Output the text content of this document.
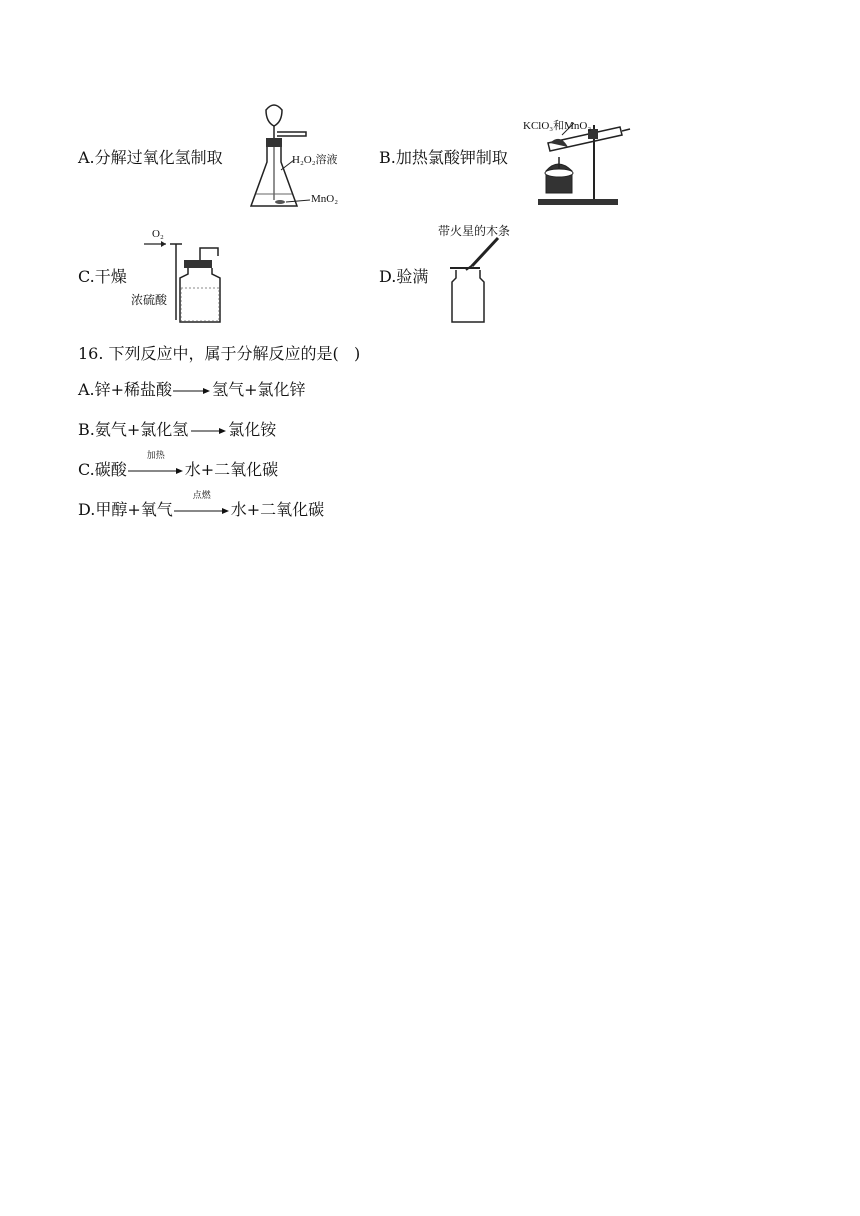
A.分解过氧化氢制取	H₂O₂溶液
MnO₂
B.加热氯酸钾制取
KClO₃和MnO₂
C.干燥
O₂
浓硫酸
D.验满
带火星的木条
16. 下列反应中，属于分解反应的是(   )
A.锌+稀盐酸→氢气+氯化锌
B.氨气+氯化氢→氯化铵
C.碳酸
加热
水+二氧化碳
D.甲醇+氧气
点燃
水+二氧化碳
